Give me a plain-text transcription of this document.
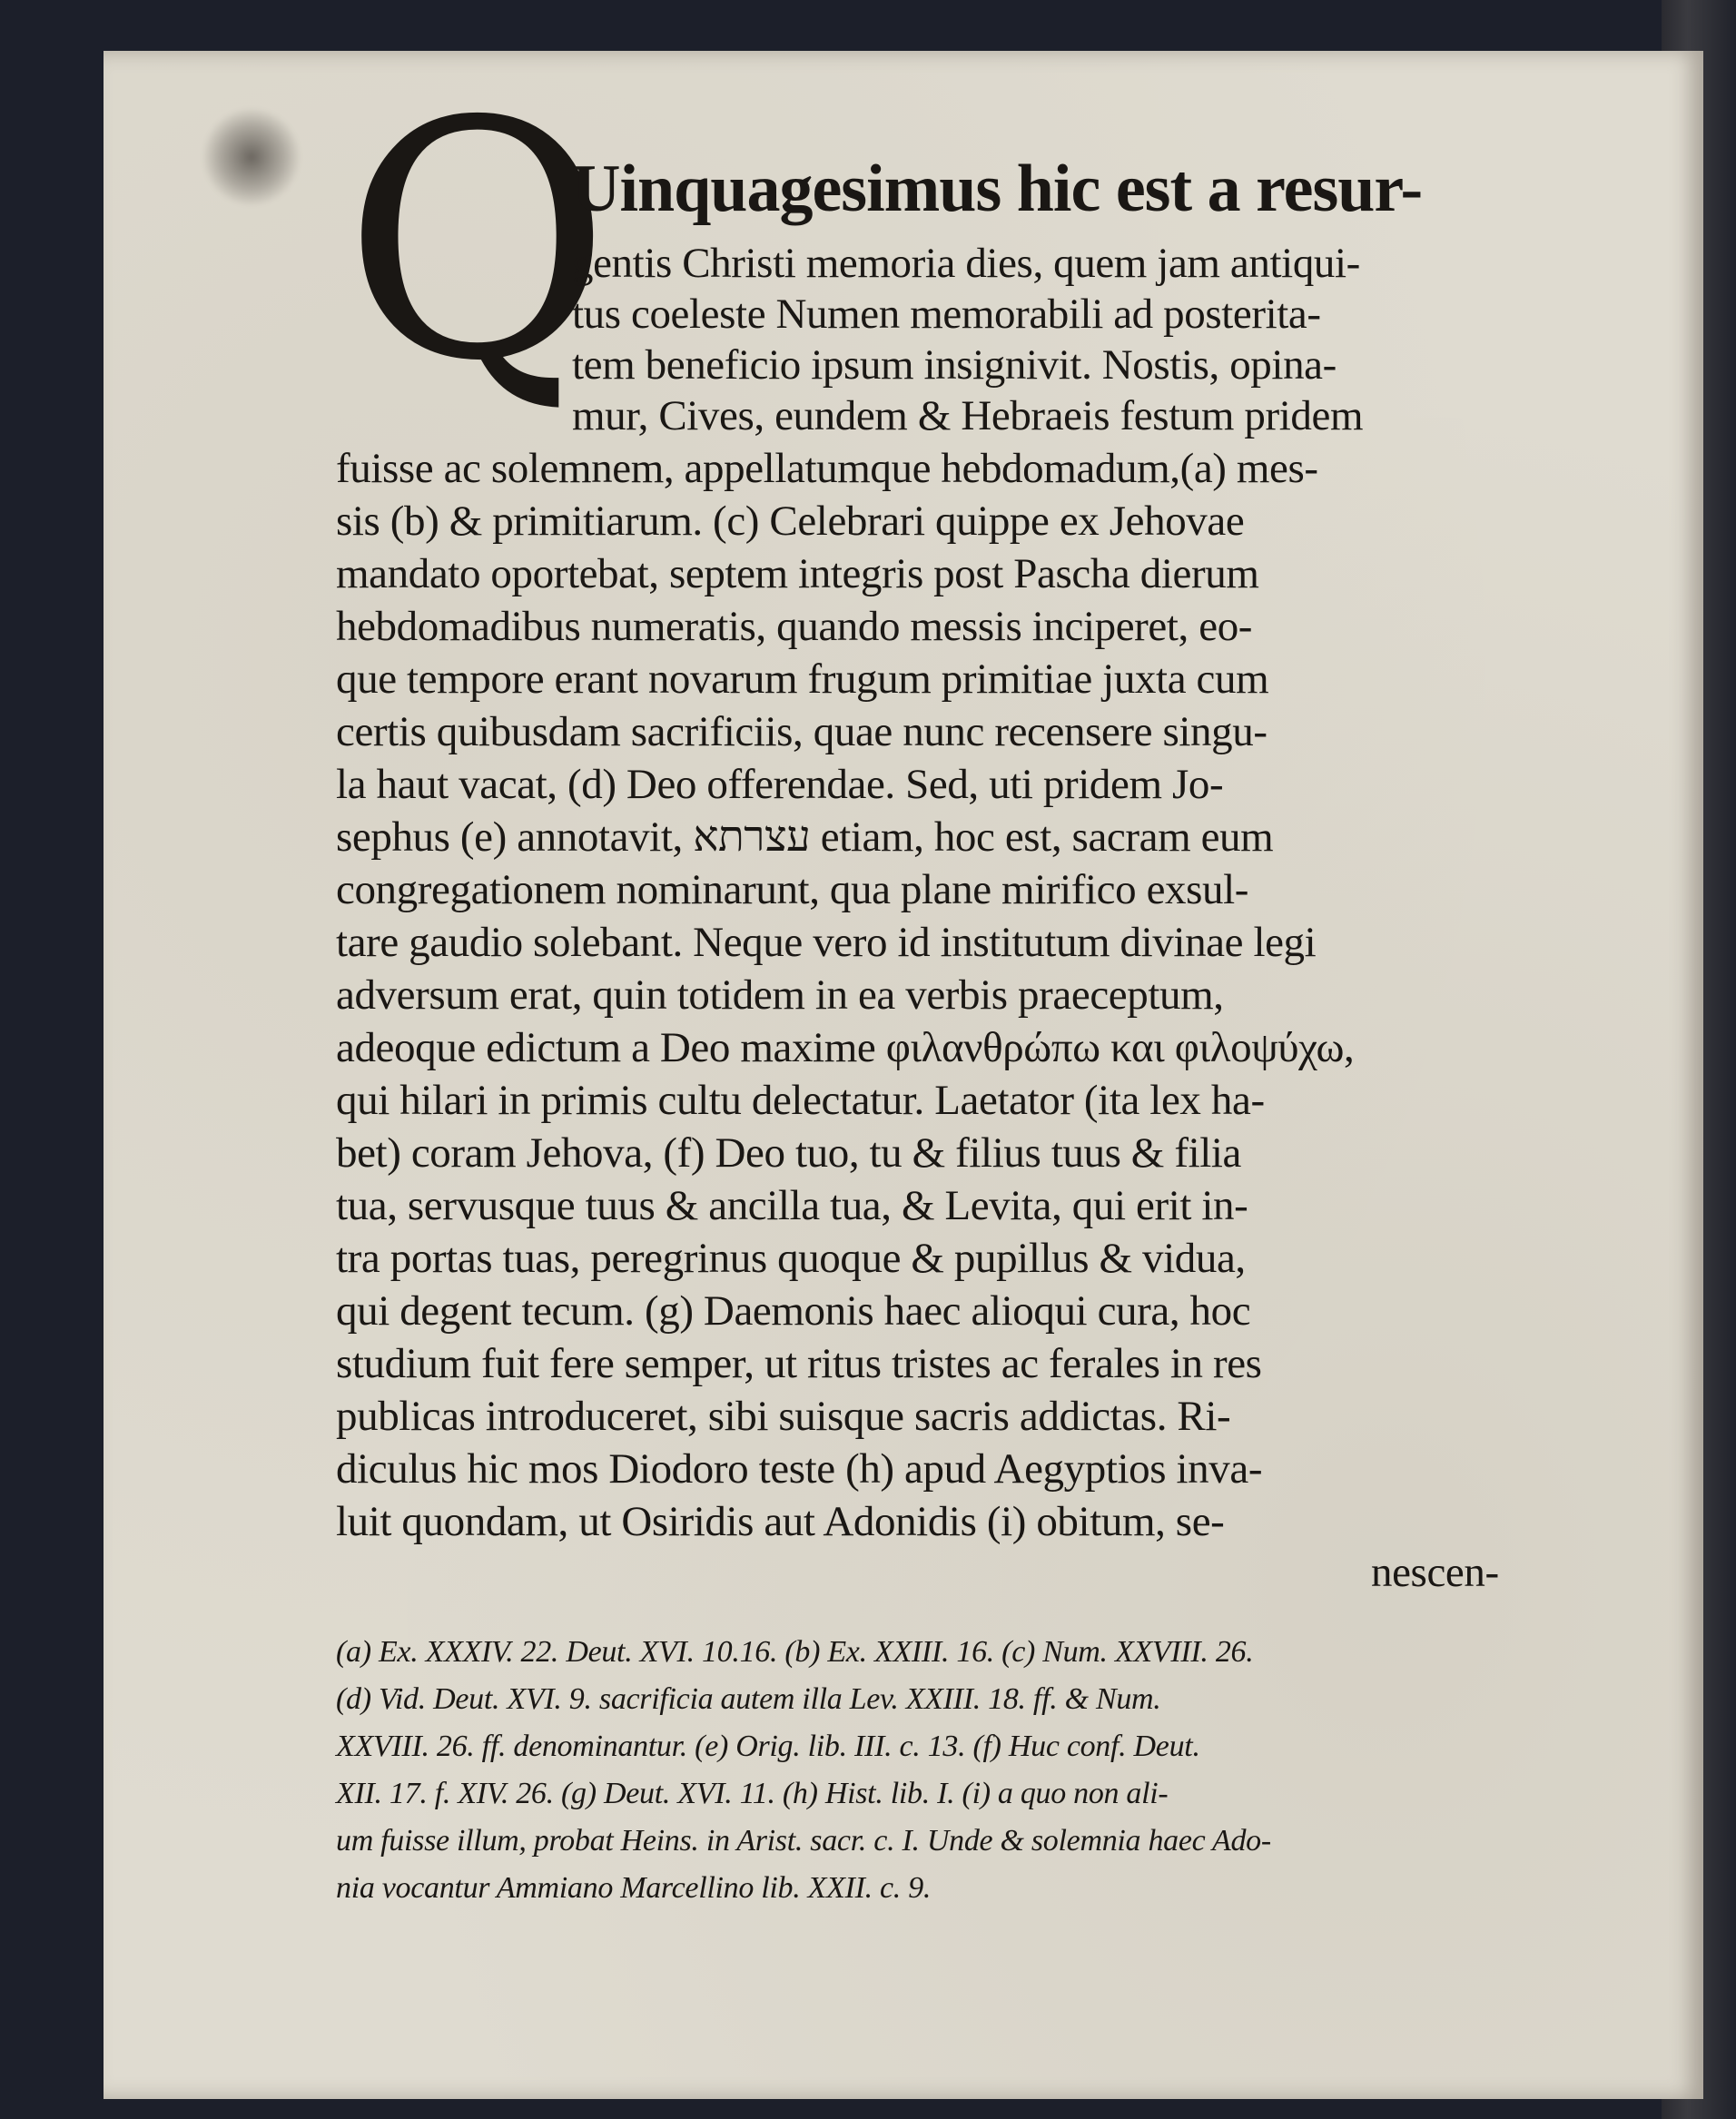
Q
Uinquagesimus hic est a resur-
gentis Christi memoria dies, quem jam antiqui-
tus coeleste Numen memorabili ad posterita-
tem beneficio ipsum insignivit. Nostis, opina-
mur, Cives, eundem & Hebraeis festum pridem
fuisse ac solemnem, appellatumque hebdomadum,(a) mes-
sis (b) & primitiarum. (c) Celebrari quippe ex Jehovae
mandato oportebat, septem integris post Pascha dierum
hebdomadibus numeratis, quando messis inciperet, eo-
que tempore erant novarum frugum primitiae juxta cum
certis quibusdam sacrificiis, quae nunc recensere singu-
la haut vacat, (d) Deo offerendae. Sed, uti pridem Jo-
sephus (e) annotavit, עצרתא etiam, hoc est, sacram eum
congregationem nominarunt, qua plane mirifico exsul-
tare gaudio solebant. Neque vero id institutum divinae legi
adversum erat, quin totidem in ea verbis praeceptum,
adeoque edictum a Deo maxime φιλανθρώπω και φιλοψύχω,
qui hilari in primis cultu delectatur. Laetator (ita lex ha-
bet) coram Jehova, (f) Deo tuo, tu & filius tuus & filia
tua, servusque tuus & ancilla tua, & Levita, qui erit in-
tra portas tuas, peregrinus quoque & pupillus & vidua,
qui degent tecum. (g) Daemonis haec alioqui cura, hoc
studium fuit fere semper, ut ritus tristes ac ferales in res
publicas introduceret, sibi suisque sacris addictas. Ri-
diculus hic mos Diodoro teste (h) apud Aegyptios inva-
luit quondam, ut Osiridis aut Adonidis (i) obitum, se-
nescen-
(a) Ex. XXXIV. 22. Deut. XVI. 10.16. (b) Ex. XXIII. 16. (c) Num. XXVIII. 26.
(d) Vid. Deut. XVI. 9. sacrificia autem illa Lev. XXIII. 18. ff. & Num.
XXVIII. 26. ff. denominantur. (e) Orig. lib. III. c. 13. (f) Huc conf. Deut.
XII. 17. f. XIV. 26. (g) Deut. XVI. 11. (h) Hist. lib. I. (i) a quo non ali-
um fuisse illum, probat Heins. in Arist. sacr. c. I. Unde & solemnia haec Ado-
nia vocantur Ammiano Marcellino lib. XXII. c. 9.
